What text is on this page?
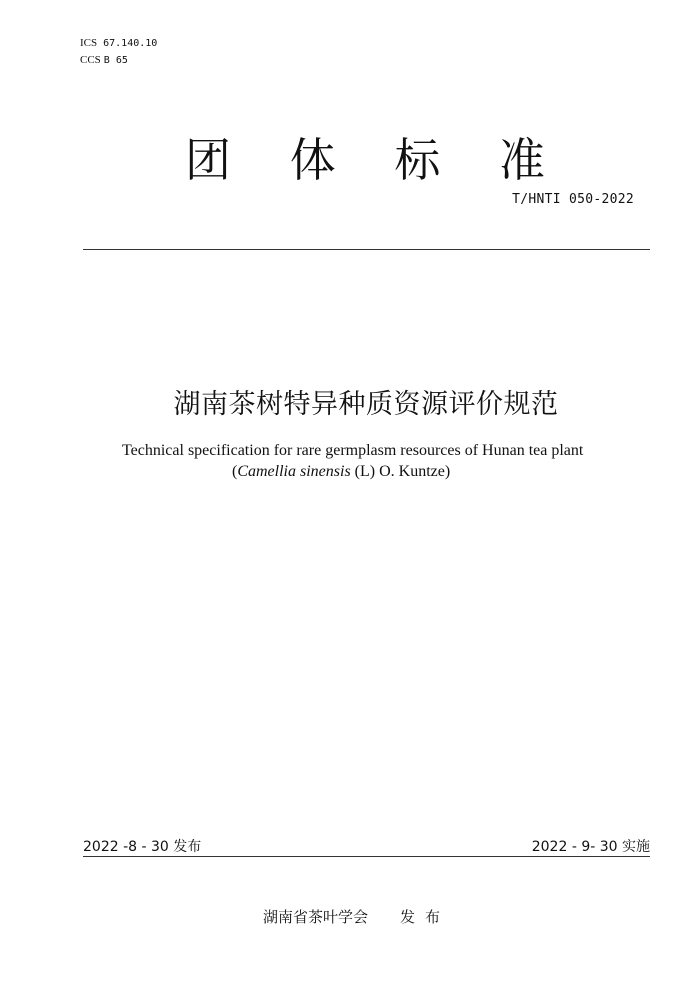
ICS 67.140.10
CCS B 65
团 体 标 准
T/HNTI 050-2022
湖南茶树特异种质资源评价规范
Technical specification for rare germplasm resources of Hunan tea plant
(Camellia sinensis (L) O. Kuntze)
2022 -8 - 30 发布	2022 - 9- 30 实施
湖南省茶叶学会 发布
